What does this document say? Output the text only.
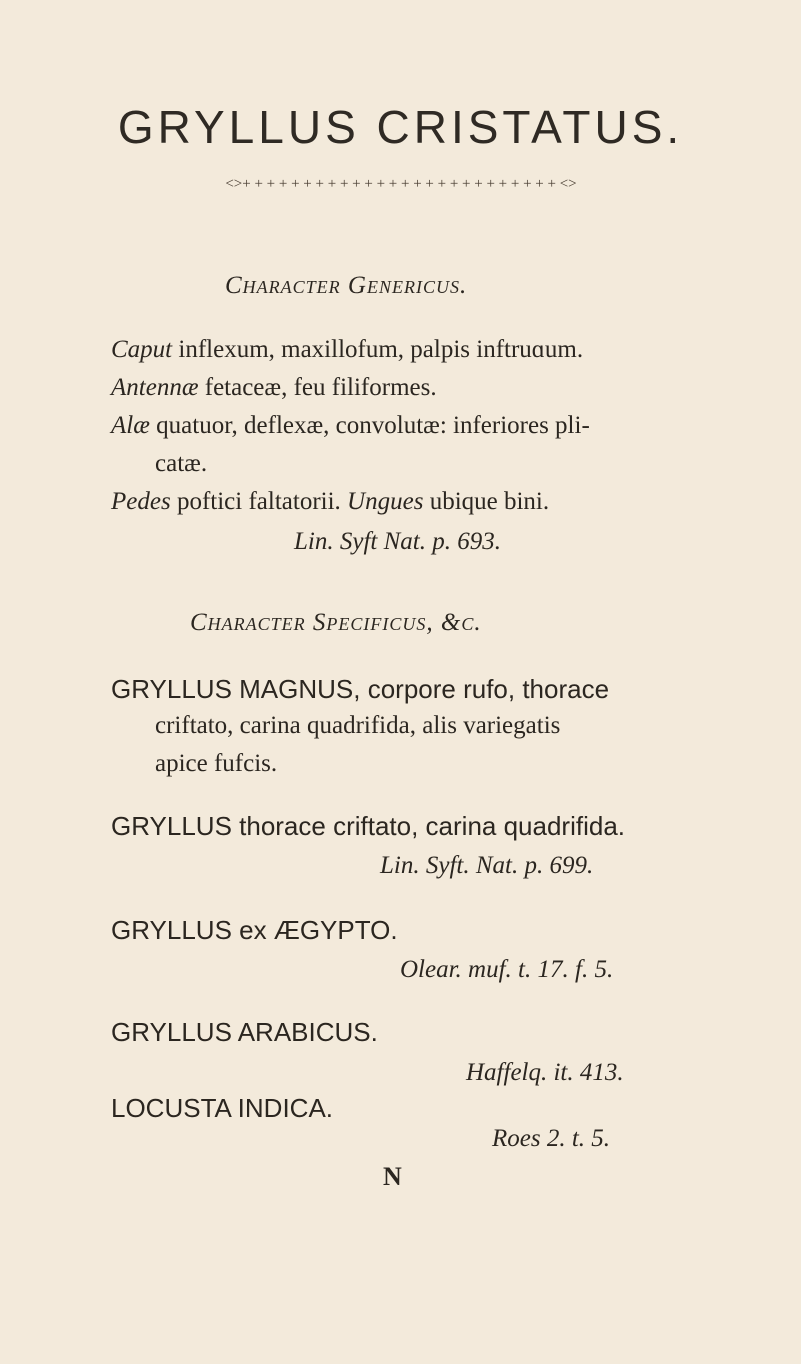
GRYLLUS CRISTATUS.
<>+ + + + + + + + + + + + + + + + + + + + + + + + + + <>
Character Genericus.
Caput inflexum, maxillofum, palpis inftruɑum.
Antennæ fetaceæ, feu filiformes.
Alæ quatuor, deflexæ, convolutæ: inferiores pli-
catæ.
Pedes poftici faltatorii. Ungues ubique bini.
Lin. Syft Nat. p. 693.
Character Specificus, &c.
GRYLLUS MAGNUS, corpore rufo, thorace
criftato, carina quadrifida, alis variegatis
apice fufcis.
GRYLLUS thorace criftato, carina quadrifida.
Lin. Syft. Nat. p. 699.
GRYLLUS ex ÆGYPTO.
Olear. muf. t. 17. f. 5.
GRYLLUS ARABICUS.
Haffelq. it. 413.
LOCUSTA INDICA.
Roes 2. t. 5.
N
